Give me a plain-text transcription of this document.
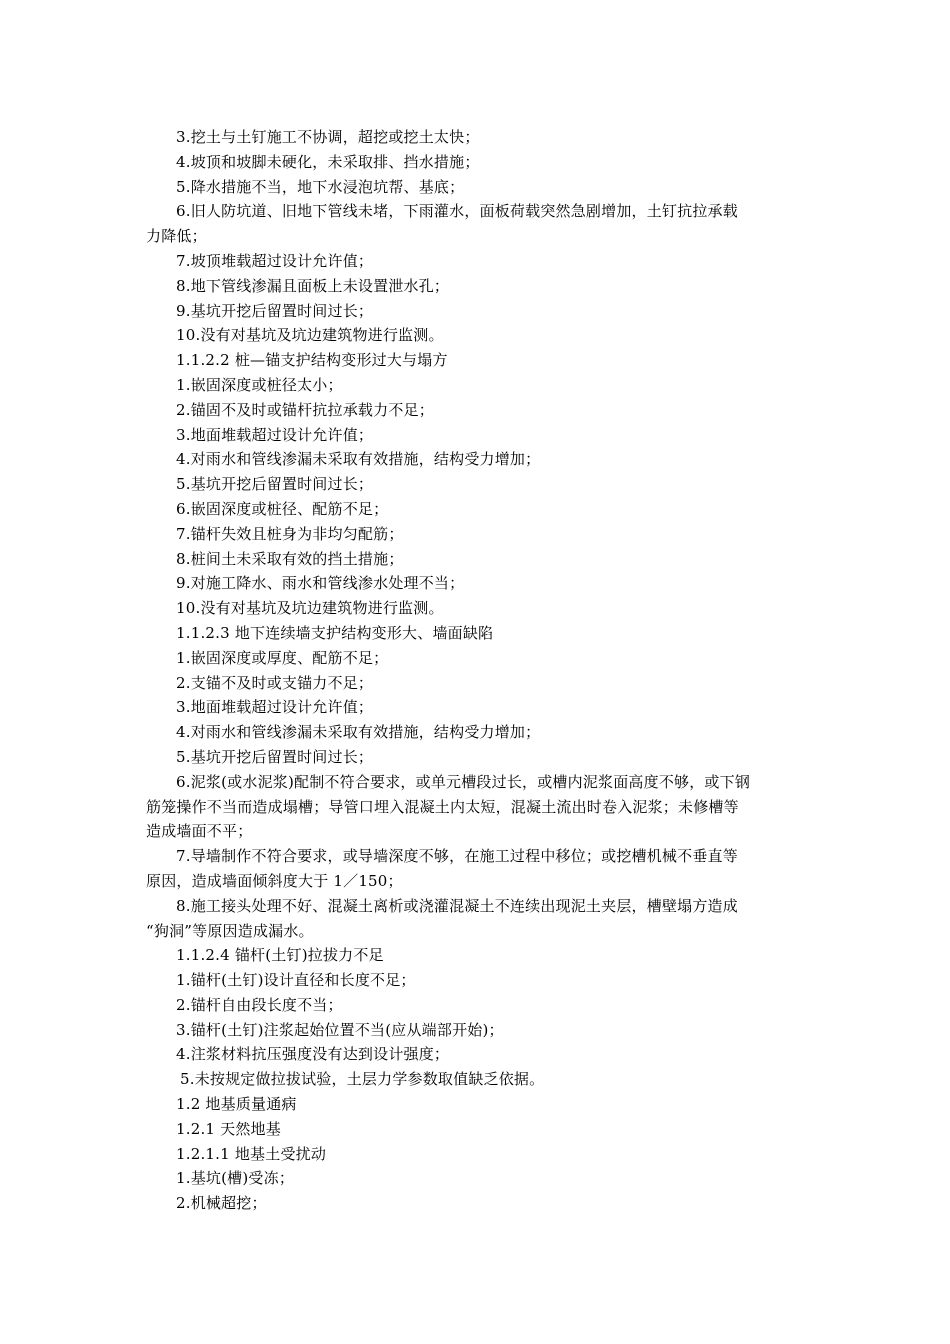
3.挖土与土钉施工不协调，超挖或挖土太快；
4.坡顶和坡脚未硬化，未采取排、挡水措施；
5.降水措施不当，地下水浸泡坑帮、基底；
6.旧人防坑道、旧地下管线未堵，下雨灌水，面板荷载突然急剧增加，土钉抗拉承载
力降低；
7.坡顶堆载超过设计允许值；
8.地下管线渗漏且面板上未设置泄水孔；
9.基坑开挖后留置时间过长；
10.没有对基坑及坑边建筑物进行监测。
1.1.2.2 桩—锚支护结构变形过大与塌方
1.嵌固深度或桩径太小；
2.锚固不及时或锚杆抗拉承载力不足；
3.地面堆载超过设计允许值；
4.对雨水和管线渗漏未采取有效措施，结构受力增加；
5.基坑开挖后留置时间过长；
6.嵌固深度或桩径、配筋不足；
7.锚杆失效且桩身为非均匀配筋；
8.桩间土未采取有效的挡土措施；
9.对施工降水、雨水和管线渗水处理不当；
10.没有对基坑及坑边建筑物进行监测。
1.1.2.3 地下连续墙支护结构变形大、墙面缺陷
1.嵌固深度或厚度、配筋不足；
2.支锚不及时或支锚力不足；
3.地面堆载超过设计允许值；
4.对雨水和管线渗漏未采取有效措施，结构受力增加；
5.基坑开挖后留置时间过长；
6.泥浆(或水泥浆)配制不符合要求，或单元槽段过长，或槽内泥浆面高度不够，或下钢
筋笼操作不当而造成塌槽；导管口埋入混凝土内太短，混凝土流出时卷入泥浆；未修槽等
造成墙面不平；
7.导墙制作不符合要求，或导墙深度不够，在施工过程中移位；或挖槽机械不垂直等
原因，造成墙面倾斜度大于 1／150；
8.施工接头处理不好、混凝土离析或浇灌混凝土不连续出现泥土夹层，槽壁塌方造成
“狗洞”等原因造成漏水。
1.1.2.4 锚杆(土钉)拉拔力不足
1.锚杆(土钉)设计直径和长度不足；
2.锚杆自由段长度不当；
3.锚杆(土钉)注浆起始位置不当(应从端部开始)；
4.注浆材料抗压强度没有达到设计强度；
5.未按规定做拉拔试验，土层力学参数取值缺乏依据。
1.2 地基质量通病
1.2.1 天然地基
1.2.1.1 地基土受扰动
1.基坑(槽)受冻；
2.机械超挖；
